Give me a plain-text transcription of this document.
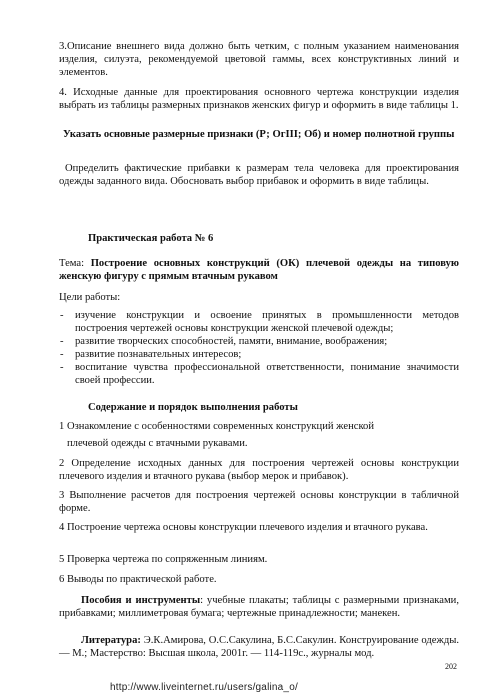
3.Описание внешнего вида должно быть четким, с полным указанием наименования изделия, силуэта, рекомендуемой цветовой гаммы, всех конструктивных линий и элементов.

4. Исходные данные для проектирования основного чертежа конструкции изделия выбрать из таблицы размерных признаков женских фигур и оформить в виде таблицы 1.

Указать основные размерные признаки (Р; ОгIII; Об) и номер полнотной группы

Определить фактические прибавки к размерам тела человека для проектирования одежды заданного вида. Обосновать выбор прибавок и оформить в виде таблицы.

Практическая работа № 6

Тема: Построение основных конструкций (ОК) плечевой одежды на типовую женскую фигуру с прямым втачным рукавом

Цели работы:

- изучение конструкции и освоение принятых в промышленности методов построения чертежей основы конструкции женской плечевой одежды;
- развитие творческих способностей, памяти, внимание, воображения;
- развитие познавательных интересов;
- воспитание чувства профессиональной ответственности, понимание значимости своей профессии.

Содержание и порядок выполнения работы

1 Ознакомление с особенностями современных конструкций женской

плечевой одежды с втачными рукавами.

2 Определение исходных данных для построения чертежей основы конструкции плечевого изделия и втачного рукава (выбор мерок и прибавок).

3 Выполнение расчетов для построения чертежей основы конструкции в табличной форме.

4 Построение чертежа основы конструкции плечевого изделия и втачного рукава.

5 Проверка чертежа по сопряженным линиям.

6 Выводы по практической работе.

Пособия и инструменты: учебные плакаты; таблицы с размерными признаками, прибавками; миллиметровая бумага; чертежные принадлежности; манекен.

Литература: Э.К.Амирова, О.С.Сакулина, Б.С.Сакулин. Конструирование одежды. — М.; Мастерство: Высшая школа, 2001г. — 114-119с., журналы мод.

202
http://www.liveinternet.ru/users/galina_o/
